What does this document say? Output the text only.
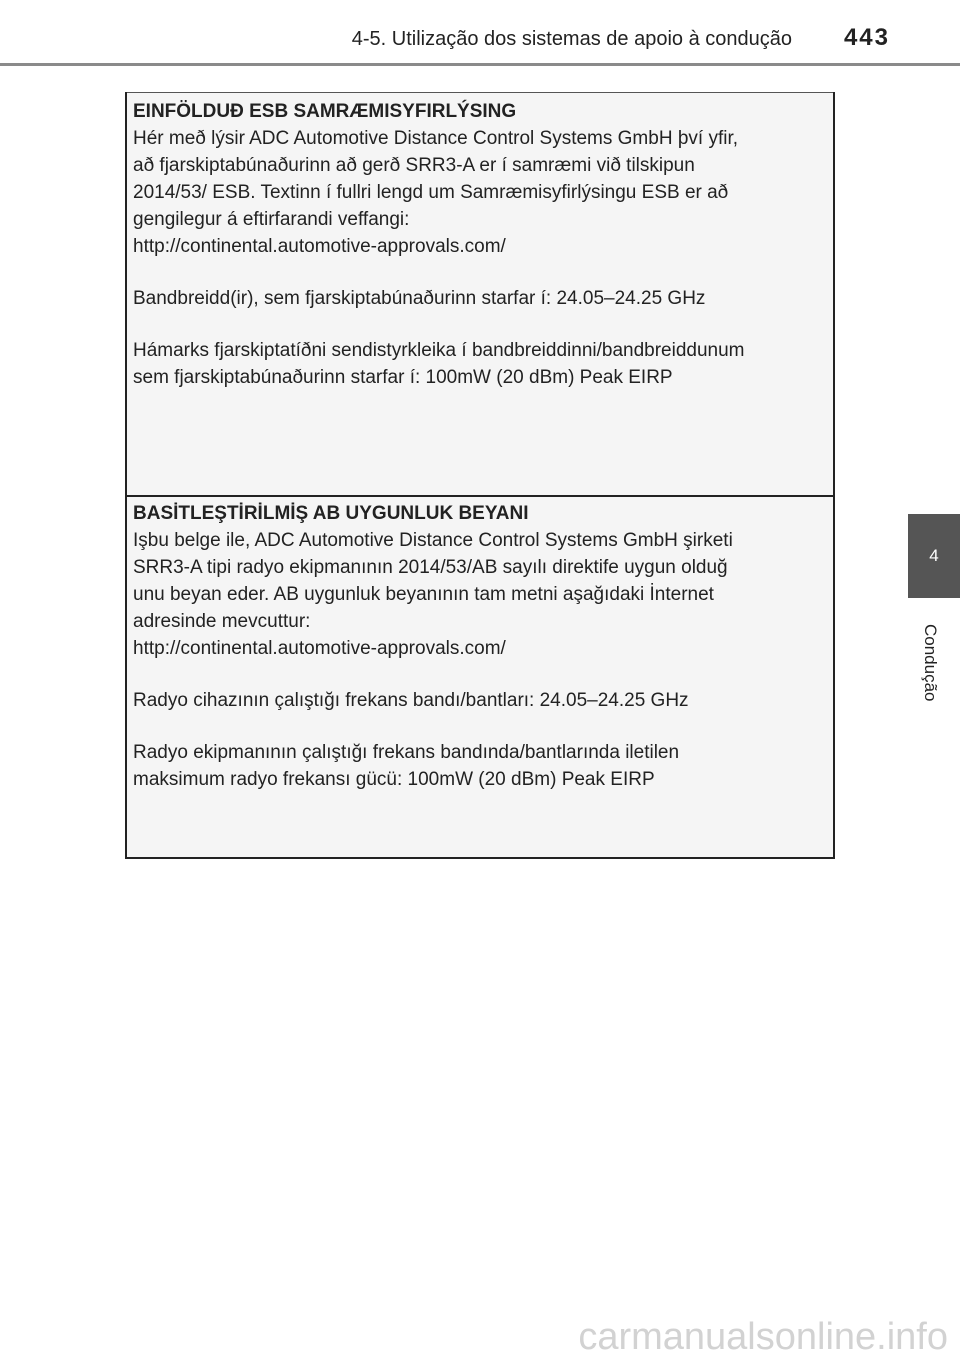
4-5. Utilização dos sistemas de apoio à condução 443
4
Condução

EINFÖLDUÐ ESB SAMRÆMISYFIRLÝSING

Hér með lýsir ADC Automotive Distance Control Systems GmbH því yfir,

að fjarskiptabúnaðurinn að gerð SRR3-A er í samræmi við tilskipun

2014/53/ ESB. Textinn í fullri lengd um Samræmisyfirlýsingu ESB er að

gengilegur á eftirfarandi veffangi:

http://continental.automotive-approvals.com/

Bandbreidd(ir), sem fjarskiptabúnaðurinn starfar í: 24.05–24.25 GHz

Hámarks fjarskiptatíðni sendistyrkleika í bandbreiddinni/bandbreiddunum

sem fjarskiptabúnaðurinn starfar í: 100mW (20 dBm) Peak EIRP

BASİTLEŞTİRİLMİŞ AB UYGUNLUK BEYANI

Işbu belge ile, ADC Automotive Distance Control Systems GmbH şirketi

SRR3-A tipi radyo ekipmanının 2014/53/AB sayılı direktife uygun olduğ

unu beyan eder. AB uygunluk beyanının tam metni aşağıdaki İnternet

adresinde mevcuttur:

http://continental.automotive-approvals.com/

Radyo cihazının çalıştığı frekans bandı/bantları: 24.05–24.25 GHz

Radyo ekipmanının çalıştığı frekans bandında/bantlarında iletilen

maksimum radyo frekansı gücü: 100mW (20 dBm) Peak EIRP

carmanualsonline.info
